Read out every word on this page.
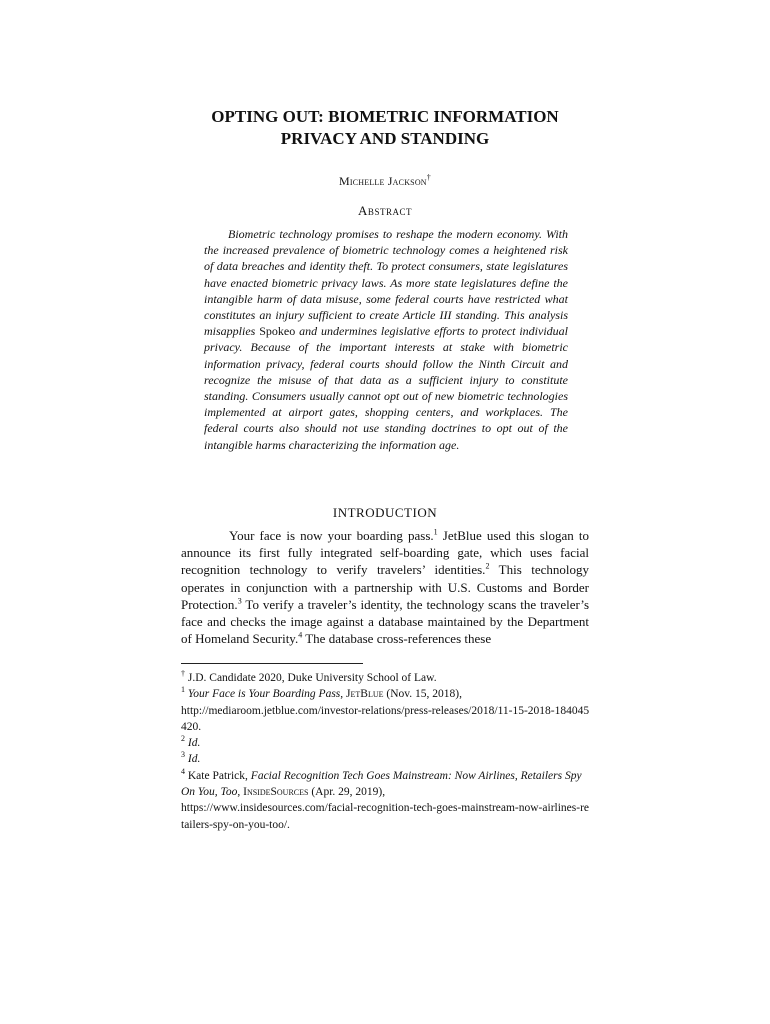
OPTING OUT: BIOMETRIC INFORMATION
PRIVACY AND STANDING
Michelle Jackson†
Abstract

Biometric technology promises to reshape the modern economy. With the increased prevalence of biometric technology comes a heightened risk of data breaches and identity theft. To protect consumers, state legislatures have enacted biometric privacy laws. As more state legislatures define the intangible harm of data misuse, some federal courts have restricted what constitutes an injury sufficient to create Article III standing. This analysis misapplies Spokeo and undermines legislative efforts to protect individual privacy. Because of the important interests at stake with biometric information privacy, federal courts should follow the Ninth Circuit and recognize the misuse of that data as a sufficient injury to constitute standing. Consumers usually cannot opt out of new biometric technologies implemented at airport gates, shopping centers, and workplaces. The federal courts also should not use standing doctrines to opt out of the intangible harms characterizing the information age.

INTRODUCTION

Your face is now your boarding pass.$^1$ JetBlue used this slogan to announce its first fully integrated self-boarding gate, which uses facial recognition technology to verify travelers’ identities.$^2$ This technology operates in conjunction with a partnership with U.S. Customs and Border Protection.$^3$ To verify a traveler’s identity, the technology scans the traveler’s face and checks the image against a database maintained by the Department of Homeland Security.$^4$ The database cross-references these

† J.D. Candidate 2020, Duke University School of Law.

$^1$ Your Face is Your Boarding Pass, JetBlue (Nov. 15, 2018),
http://mediaroom.jetblue.com/investor-relations/press-releases/2018/11-15-2018-184045420.

$^2$ Id.

$^3$ Id.

$^4$ Kate Patrick, Facial Recognition Tech Goes Mainstream: Now Airlines, Retailers Spy On You, Too, InsideSources (Apr. 29, 2019),
https://www.insidesources.com/facial-recognition-tech-goes-mainstream-now-airlines-retailers-spy-on-you-too/.
